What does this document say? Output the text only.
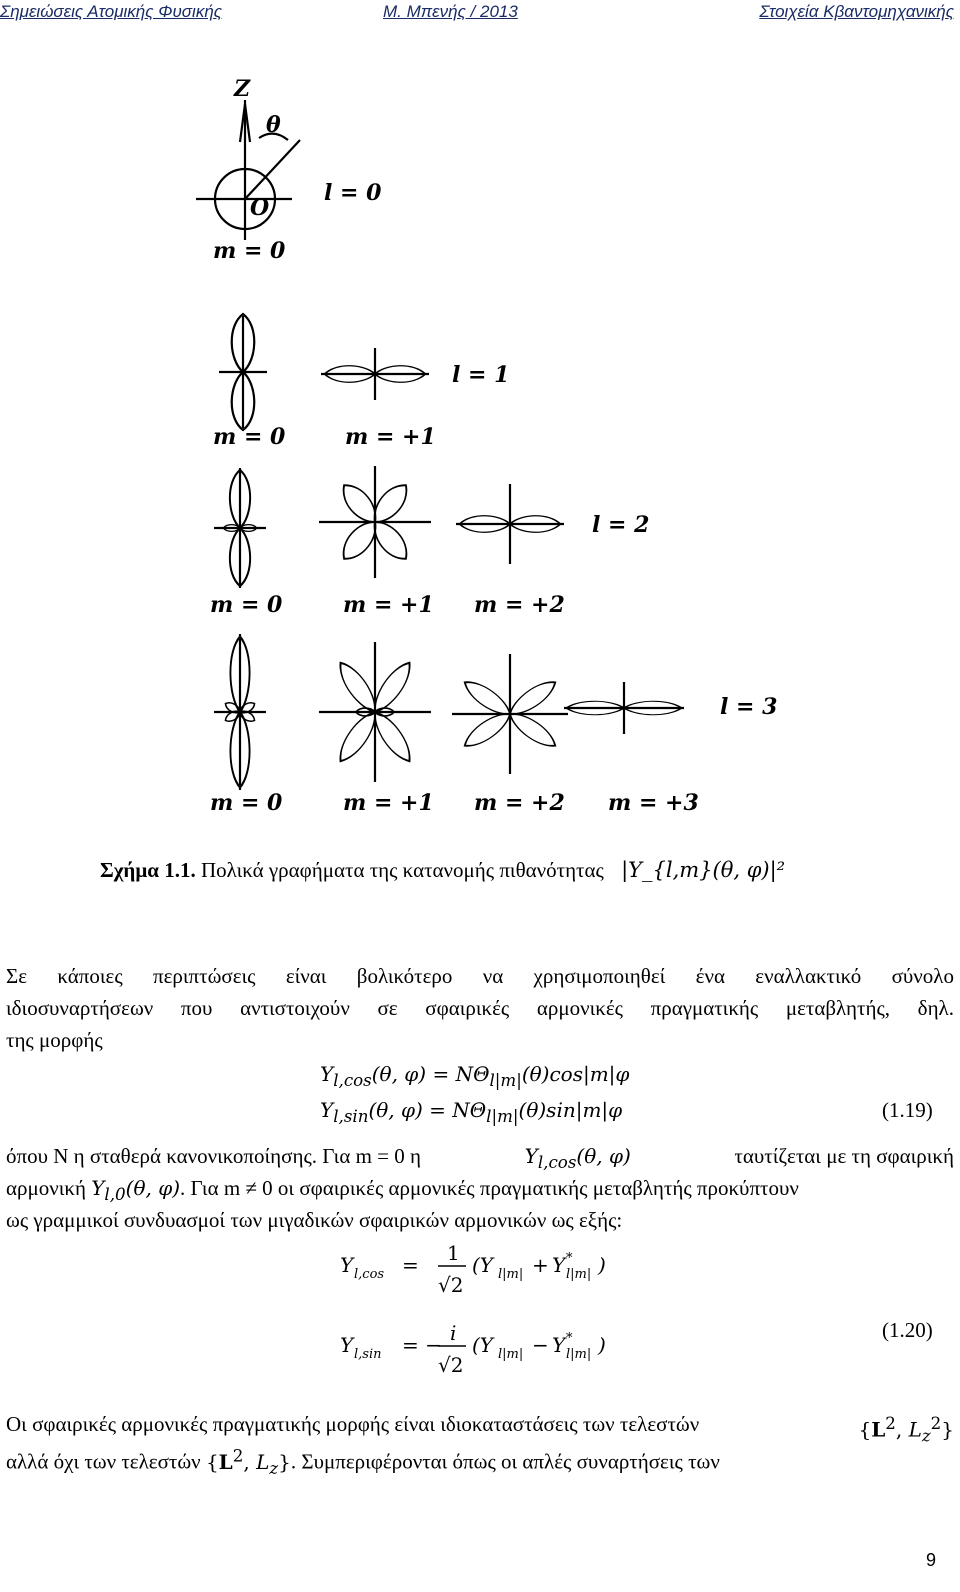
Σημειώσεις Ατομικής Φυσικής	Μ. Μπενής / 2013	Στοιχεία Κβαντομηχανικής
Z
θ
O
l = 0
m = 0
l = 1
m = 0	m = +1
l = 2
m = 0	m = +1 m = +2
l = 3
m = 0	m = +1 m = +2 m = +3
Σχήμα 1.1. Πολικά γραφήματα της κατανομής πιθανότητας |Y_{l,m}(θ, φ)|²
Σε κάποιες περιπτώσεις είναι βολικότερο να χρησιμοποιηθεί ένα εναλλακτικό σύνολο
ιδιοσυναρτήσεων που αντιστοιχούν σε σφαιρικές αρμονικές πραγματικής μεταβλητής, δηλ.
της μορφής
$Y_{l,cos}(\theta$, $\varphi) = N\Theta_{l|m|}(\theta)\cos|m|\varphi$
$Y_{l,sin}(\theta$, $\varphi) = N\Theta_{l|m|}(\theta)\sin|m|\varphi$	(1.19)
όπου Ν η σταθερά κανονικοποίησης. Για m = 0 η	$Y_{l,cos}(\theta$, φ)	ταυτίζεται με τη σφαιρική
αρμονική $Y_{l,0}(\theta$, φ). Για m ≠ 0 οι σφαιρικές αρμονικές πραγματικής μεταβλητής προκύπτουν
ως γραμμικοί συνδυασμοί των μιγαδικών σφαιρικών αρμονικών ως εξής:
Y l,cos = 1
√2
(Y l|m| + Y *
l|m| )
Y l,sin = − i
√2
(Y l|m| − Y *
l|m| )
(1.20)
Οι σφαιρικές αρμονικές πραγματικής μορφής είναι ιδιοκαταστάσεις των τελεστών	{$L^2$, $L_z^2$}
αλλά όχι των τελεστών {$L^2$, $L_z$}. Συμπεριφέρονται όπως οι απλές συναρτήσεις των
9
